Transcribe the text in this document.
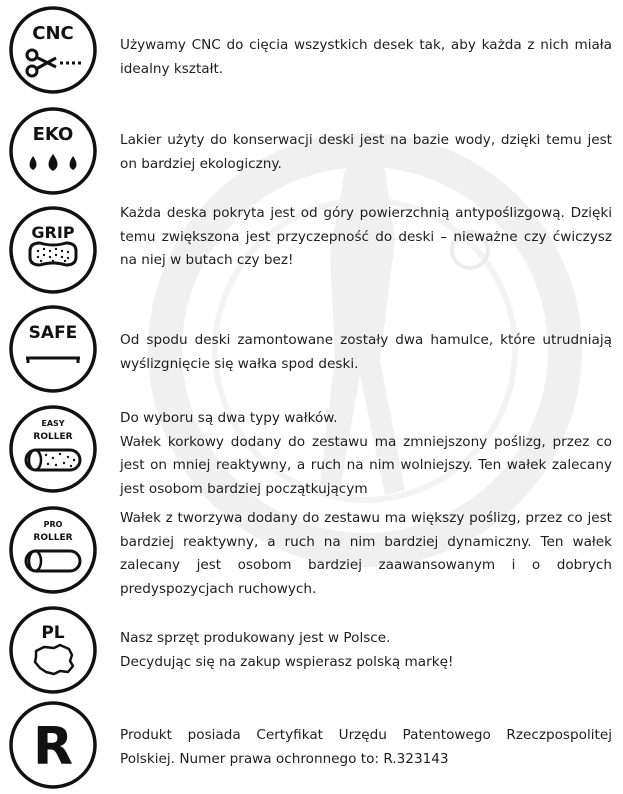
CNC

Używamy CNC do cięcia wszystkich desek tak, aby każda z nich miała idealny kształt.

EKO	Lakier użyty do konserwacji deski jest na bazie wody, dzięki temu jest on bardziej ekologiczny.

GRIP

Każda deska pokryta jest od góry powierzchnią antypoślizgową. Dzięki temu zwiększona jest przyczepność do deski – nieważne czy ćwiczysz na niej w butach czy bez!

SAFE	Od spodu deski zamontowane zostały dwa hamulce, które utrudniają wyślizgnięcie się wałka spod deski.

EASY
ROLLER

Do wyboru są dwa typy wałków.

Wałek korkowy dodany do zestawu ma zmniejszony poślizg, przez co jest on mniej reaktywny, a ruch na nim wolniejszy. Ten wałek zalecany jest osobom bardziej początkującym

PRO
ROLLER

Wałek z tworzywa dodany do zestawu ma większy poślizg, przez co jest bardziej reaktywny, a ruch na nim bardziej dynamiczny. Ten wałek zalecany jest osobom bardziej zaawansowanym i o dobrych predyspozycjach ruchowych.

PL	Nasz sprzęt produkowany jest w Polsce.

Decydując się na zakup wspierasz polską markę!

R	Produkt posiada Certyfikat Urzędu Patentowego Rzeczpospolitej Polskiej. Numer prawa ochronnego to: R.323143
